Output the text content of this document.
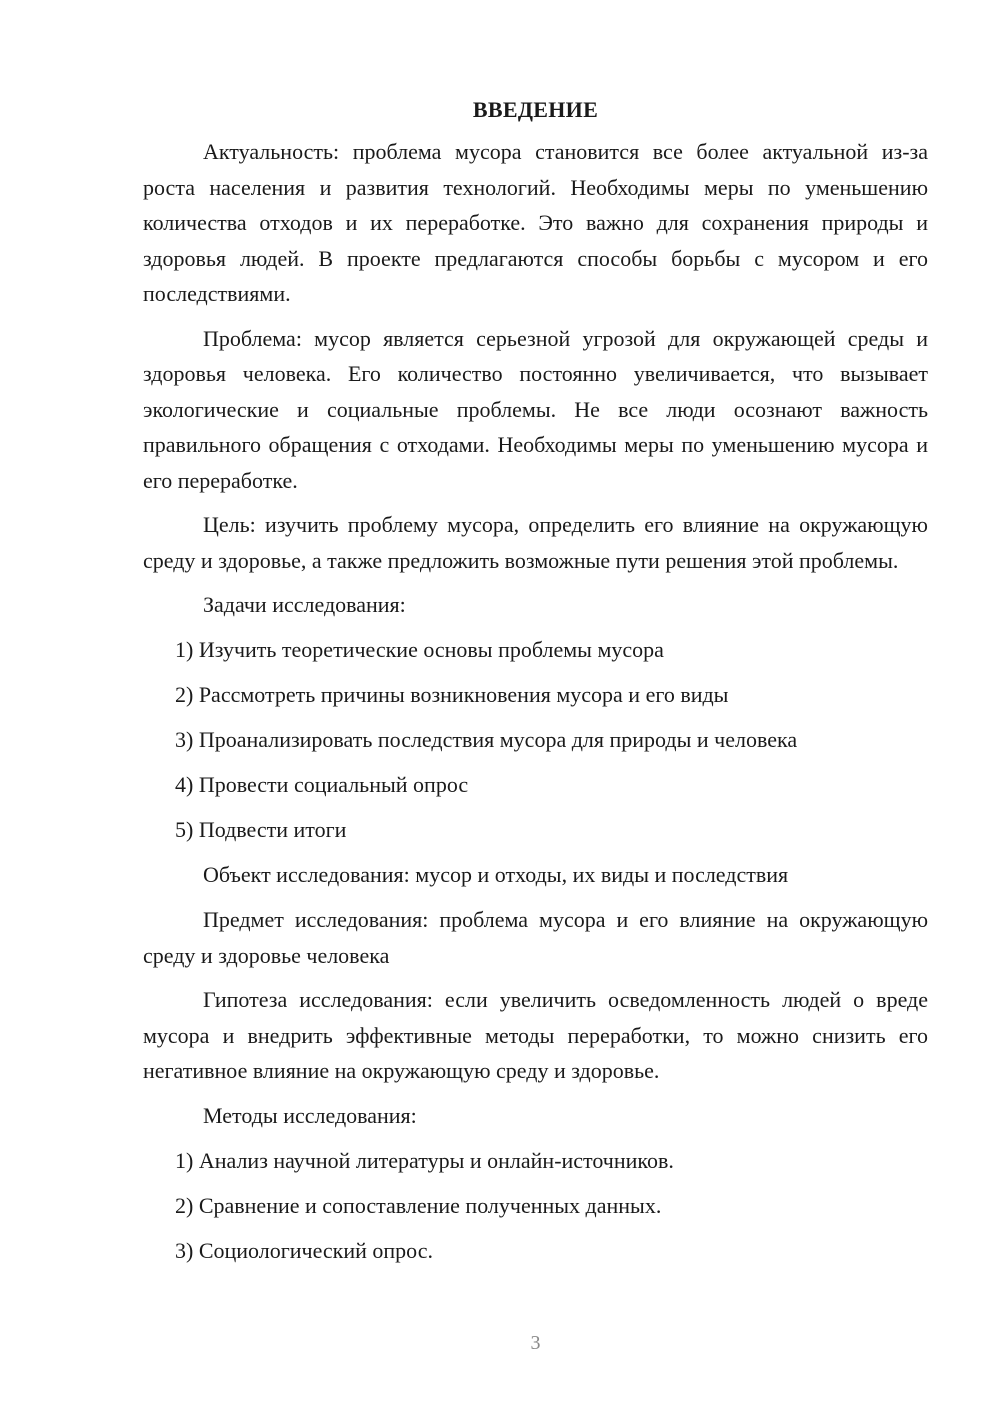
ВВЕДЕНИЕ

Актуальность: проблема мусора становится все более актуальной из-за роста населения и развития технологий. Необходимы меры по уменьшению количества отходов и их переработке. Это важно для сохранения природы и здоровья людей. В проекте предлагаются способы борьбы с мусором и его последствиями.

Проблема: мусор является серьезной угрозой для окружающей среды и здоровья человека. Его количество постоянно увеличивается, что вызывает экологические и социальные проблемы. Не все люди осознают важность правильного обращения с отходами. Необходимы меры по уменьшению мусора и его переработке.

Цель: изучить проблему мусора, определить его влияние на окружающую среду и здоровье, а также предложить возможные пути решения этой проблемы.

Задачи исследования:

1) Изучить теоретические основы проблемы мусора
2) Рассмотреть причины возникновения мусора и его виды
3) Проанализировать последствия мусора для природы и человека
4) Провести социальный опрос
5) Подвести итоги

Объект исследования: мусор и отходы, их виды и последствия

Предмет исследования: проблема мусора и его влияние на окружающую среду и здоровье человека

Гипотеза исследования: если увеличить осведомленность людей о вреде мусора и внедрить эффективные методы переработки, то можно снизить его негативное влияние на окружающую среду и здоровье.

Методы исследования:

1) Анализ научной литературы и онлайн-источников.
2) Сравнение и сопоставление полученных данных.
3) Социологический опрос.
3
